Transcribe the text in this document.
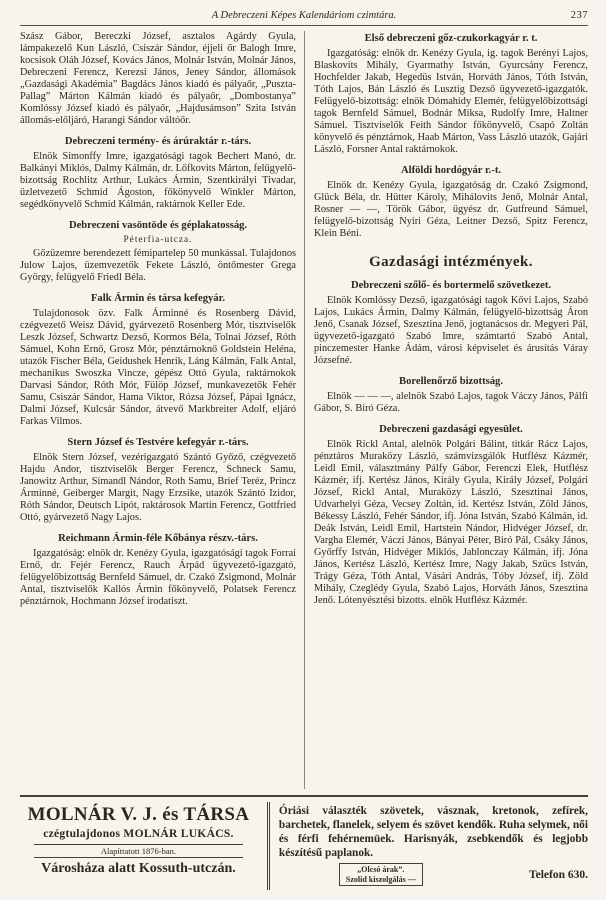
A Debreczeni Képes Kalendáriom czimtára.	237

Szász Gábor, Bereczki József, asztalos Agárdy Gyula, lámpakezelő Kun László, Csiszár Sándor, éjjeli őr Balogh Imre, kocsisok Oláh József, Kovács János, Molnár István, Molnár János, Debreczeni Ferencz, Kerezsi János, Jeney Sándor, állomások „Gazdasági Akadémia” Bagdács János kiadó és pályaőr, „Puszta-Pallag” Márton Kálmán kiadó és pályaőr, „Dombostanya” Komlóssy József kiadó és pályaőr, „Hajdusámson” Szita István állomás-előljáró, Harangi Sándor váltóőr.

Debreczeni termény- és árúraktár r.-társ.

Elnök Simonffy Imre, igazgatósági tagok Bechert Manó, dr. Balkányi Miklós, Dalmy Kálmán, dr. Lőfkovits Márton, felügyelő-bizottság Rochlitz Arthur, Lukács Ármin, Szentkirályi Tivadar, üzletvezető Schmid Ágoston, főkönyvelő Winkler Márton, segédkönyvelő Schmid Kálmán, raktárnok Keller Ede.

Debreczeni vasöntöde és géplakatosság.
Péterfia-utcza.

Gőzüzemre berendezett fémipartelep 50 munkással. Tulajdonos Julow Lajos, üzemvezetők Fekete László, öntőmester Grega György, felügyelő Friedl Béla.

Falk Ármin és társa kefegyár.

Tulajdonosok özv. Falk Árminné és Rosenberg Dávid, czégvezető Weisz Dávid, gyárvezető Rosenberg Mór, tisztviselők Leszk József, Schwartz Dezső, Kormos Béla, Tolnai József, Róth Sámuel, Kohn Ernő, Grosz Mór, pénztárnoknő Goldstein Heléna, utazók Fischer Béla, Geidushek Henrik, Láng Kálmán, Falk Antal, mechanikus Swoszka Vincze, gépész Ottó Gyula, raktárnokok Darvasi Sándor, Róth Mór, Fülöp József, munkavezetők Fehér Samu, Csiszár Sándor, Hama Viktor, Rózsa József, Pápai Ignácz, Dalmi József, Kulcsár Sándor, átvevő Markbreiter Adolf, eljáró Farkas Vilmos.

Stern József és Testvére kefegyár r.-társ.

Elnök Stern József, vezérigazgató Szántó Győző, czégvezető Hajdu Andor, tisztviselők Berger Ferencz, Schneck Samu, Janowitz Arthur, Simandl Nándor, Roth Samu, Brief Teréz, Princz Árminné, Geiberger Margit, Nagy Erzsike, utazók Szántó Izidor, Róth Sándor, Deutsch Lipót, raktárosok Martin Ferencz, Gottfried Ottó, gyárvezető Nagy Lajos.

Reichmann Ármin-féle Kőbánya részv.-társ.

Igazgatóság: elnök dr. Kenézy Gyula, igazgatósági tagok Forrai Ernő, dr. Fejér Ferencz, Rauch Árpád ügyvezető-igazgató, felügyelőbizottság Bernfeld Sámuel, dr. Czakó Zsigmond, Molnár Antal, tisztviselők Kallós Ármin főkönyvelő, Polatsek Ferencz pénztárnok, Hochmann József irodatiszt.

Első debreczeni gőz-czukorkagyár r. t.

Igazgatóság: elnök dr. Kenézy Gyula, ig. tagok Berényi Lajos, Blaskovits Mihály, Gyarmathy István, Gyurcsány Ferencz, Hochfelder Jakab, Hegedüs István, Horváth János, Tóth István, Tóth Lajos, Bán László és Lusztig Dezső ügyvezető-igazgatók. Felügyelő-bizottság: elnök Dómahidy Elemér, felügyelőbizottsági tagok Bernfeld Sámuel, Bodnár Miksa, Rudolfy Imre, Haltner Sámuel. Tisztviselők Feith Sándor főkönyvelő, Csapó Zoltán könyvelő és pénztárnok, Haab Márton, Vass László utazók, Gajári László, Forsner Antal raktárnokok.

Alföldi hordógyár r.-t.

Elnök dr. Kenézy Gyula, igazgatóság dr. Czakó Zsigmond, Glück Béla, dr. Hütter Károly, Mihálovits Jenő, Molnár Antal, Rosner — —, Török Gábor, ügyész dr. Gutfreund Sámuel, felügyelő-bizottság Nyiri Géza, Leitner Dezső, Spitz Ferencz, Klein Béni.

Gazdasági intézmények.
Debreczeni szőlő- és bortermelő szövetkezet.

Elnök Komlóssy Dezső, igazgatósági tagok Kővi Lajos, Szabó Lajos, Lukács Ármin, Dalmy Kálmán, felügyelő-bizottság Áron Jenő, Csanak József, Szesztina Jenő, jogtanácsos dr. Megyeri Pál, ügyvezető-igazgató Szabó Imre, számtartó Szabó Antal, pinczemester Hanke Ádám, városi képviselet és árusítás Váray Józsefné.

Borellenőrző bizottság.

Elnök — — —, alelnök Szabó Lajos, tagok Váczy János, Pálfi Gábor, S. Biró Géza.

Debreczeni gazdasági egyesület.

Elnök Rickl Antal, alelnök Polgári Bálint, titkár Rácz Lajos, pénztáros Muraközy László, számvizsgálók Hutflész Kázmér, Leidl Emil, választmány Pálfy Gábor, Ferenczi Elek, Hutflész Kázmér, ifj. Kertész János, Király Gyula, Király József, Polgári József, Rickl Antal, Muraközy László, Szesztinai János, Udvarhelyi Géza, Vecsey Zoltán, id. Kertész István, Zöld János, Békessy László, Fehér Sándor, ifj. Jóna István, Szabó Kálmán, id. Deák István, Leidl Emil, Hartstein Nándor, Hidvéger József, dr. Vargha Elemér, Váczi János, Bányai Péter, Biró Pál, Csáky János, Győrffy István, Hidvéger Miklós, Jablonczay Kálmán, ifj. Jóna János, Kertész László, Kertész Imre, Nagy Jakab, Szűcs István, Trágy Géza, Tóth Antal, Vásári András, Tóby József, ifj. Zöld Mihály, Czeglédy Gyula, Szabó Lajos, Horváth János, Szesztina Jenő. Lótenyésztési bizotts. elnök Hutflész Kázmér.

MOLNÁR V. J. és TÁRSA
czégtulajdonos MOLNÁR LUKÁCS.
Alapíttatott 1876-ban.
Városháza alatt Kossuth-utczán.

Óriási választék szövetek, vásznak, kretonok, zefírek, barchetek, flanelek, selyem és szövet kendők. Ruha selymek, női és férfi fehérnemüek. Harisnyák, zsebkendők és legjobb készítésű paplanok.

„Olcsó árak”.
Szolid kiszolgálás —	Telefon 630.
